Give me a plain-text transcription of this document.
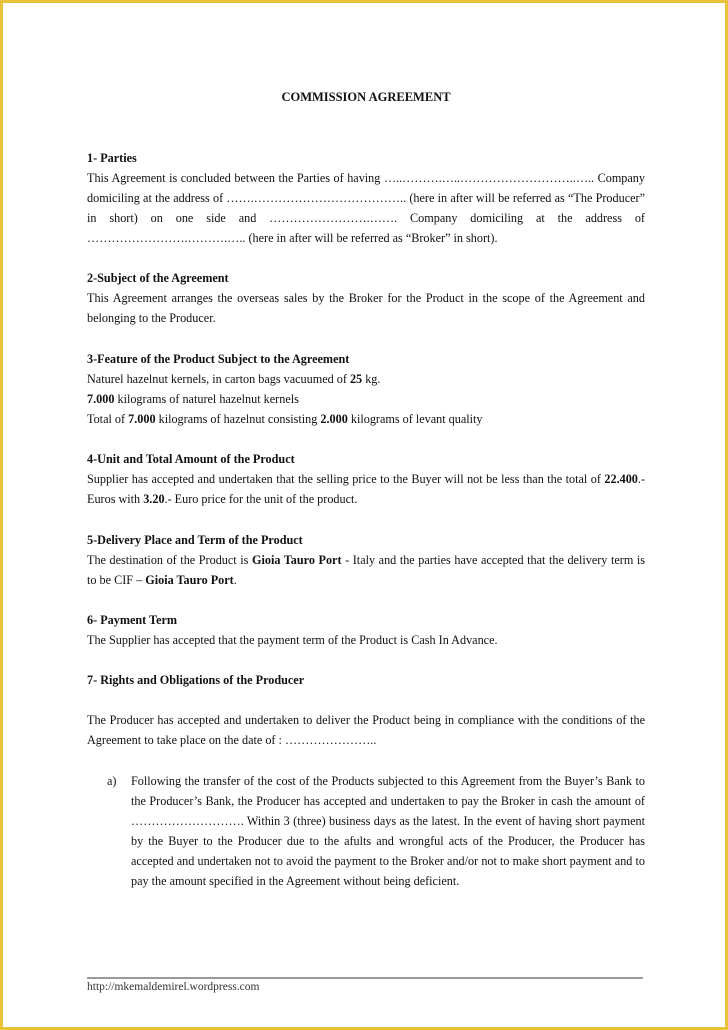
COMMISSION AGREEMENT
1- Parties

This Agreement is concluded between the Parties of having …..……….…..………………………..….. Company domiciling at the address of …….……………………………….. (here in after will be referred as “The Producer” in short) on one side and …………………….……. Company domiciling at the address of …………………….……….….. (here in after will be referred as “Broker” in short).

2-Subject of the Agreement

This Agreement arranges the overseas sales by the Broker for the Product in the scope of the Agreement and belonging to the Producer.

3-Feature of the Product Subject to the Agreement
Naturel hazelnut kernels, in carton bags vacuumed of 25 kg.
7.000 kilograms of naturel hazelnut kernels
Total of 7.000 kilograms of hazelnut consisting 2.000 kilograms of levant quality
4-Unit and Total Amount of the Product

Supplier has accepted and undertaken that the selling price to the Buyer will not be less than the total of 22.400.- Euros with 3.20.- Euro price for the unit of the product.

5-Delivery Place and Term of the Product

The destination of the Product is Gioia Tauro Port - Italy and the parties have accepted that the delivery term is to be CIF – Gioia Tauro Port.

6- Payment Term

The Supplier has accepted that the payment term of the Product is Cash In Advance.

7- Rights and Obligations of the Producer

The Producer has accepted and undertaken to deliver the Product being in compliance with the conditions of the Agreement to take place on the date of : …………………..

a) Following the transfer of the cost of the Products subjected to this Agreement from the Buyer’s Bank to the Producer’s Bank, the Producer has accepted and undertaken to pay the Broker in cash the amount of ………………………. Within 3 (three) business days as the latest. In the event of having short payment by the Buyer to the Producer due to the afults and wrongful acts of the Producer, the Producer has accepted and undertaken not to avoid the payment to the Broker and/or not to make short payment and to pay the amount specified in the Agreement without being deficient.

http://mkemaldemirel.wordpress.com
